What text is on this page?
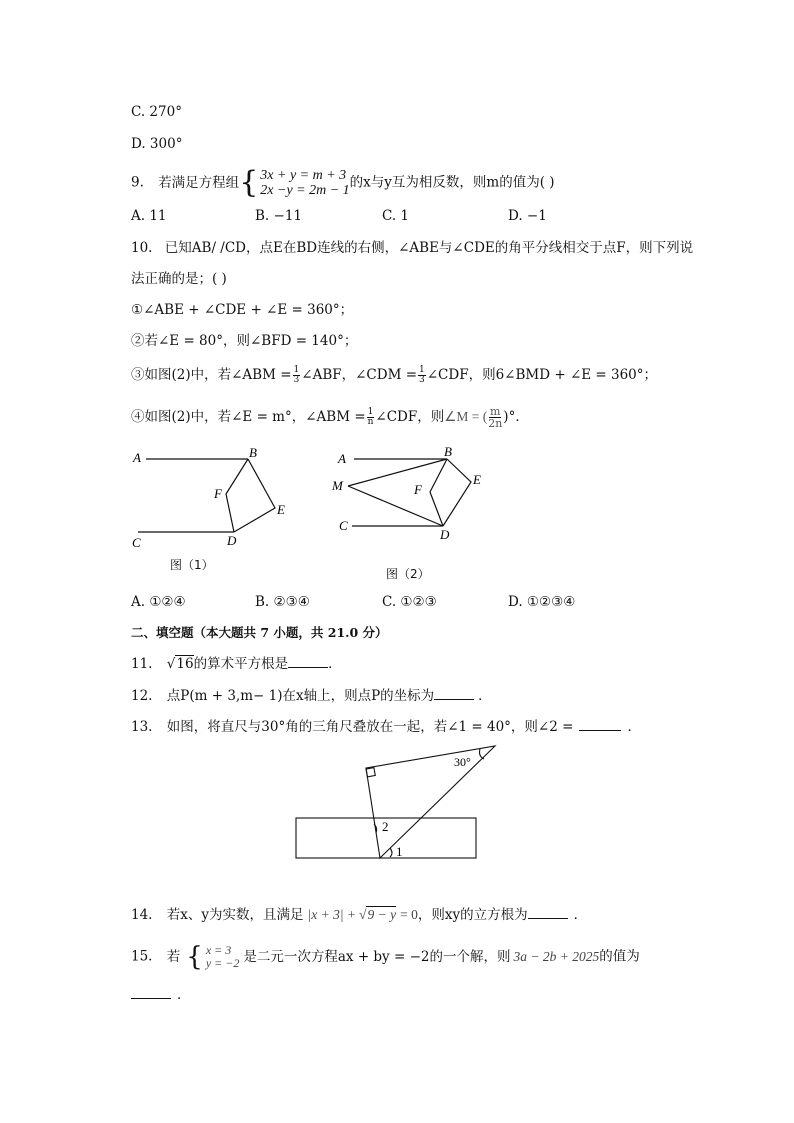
C. 270°
D. 300°
9. 若满足方程组{ 3x + y = m + 3
2x −y = 2m − 1 的x与y互为相反数，则m的值为( )
A. 11	B. −11	C. 1	D. −1
10. 已知AB/ /CD，点E在BD连线的右侧，∠ABE与∠CDE的角平分线相交于点F，则下列说
法正确的是；( )
①∠ABE + ∠CDE + ∠E = 360°；
②若∠E = 80°，则∠BFD = 140°；
③如图(2)中，若∠ABM = $\frac{1}{3}$ ∠ABF，∠CDM = $\frac{1}{3}$ ∠CDF，则6∠BMD + ∠E = 360°；
④如图(2)中，若∠E = m°，∠ABM = $\frac{1}{n}$ ∠CDF，则∠M = ( $\frac{m}{2n}$ )°．
A	B
C	D
E
F
图（1）
A	B
M
C
D
E
F
图（2）
A. ①②④	B. ②③④	C. ①②③	D. ①②③④
二、填空题（本大题共 7 小题，共 21.0 分）
11. √16的算术平方根是	．
12. 点P(m + 3,m− 1)在x轴上，则点P的坐标为	．
13. 如图，将直尺与30°角的三角尺叠放在一起，若∠1 = 40°，则∠2 =	．
30°
2
1
14. 若x、y为实数，且满足 |x + 3| + √9 − y = 0，则xy的立方根为	．
15. 若 { x = 3
y = −2 是二元一次方程ax + by = −2的一个解，则 3a − 2b + 2025的值为
．
